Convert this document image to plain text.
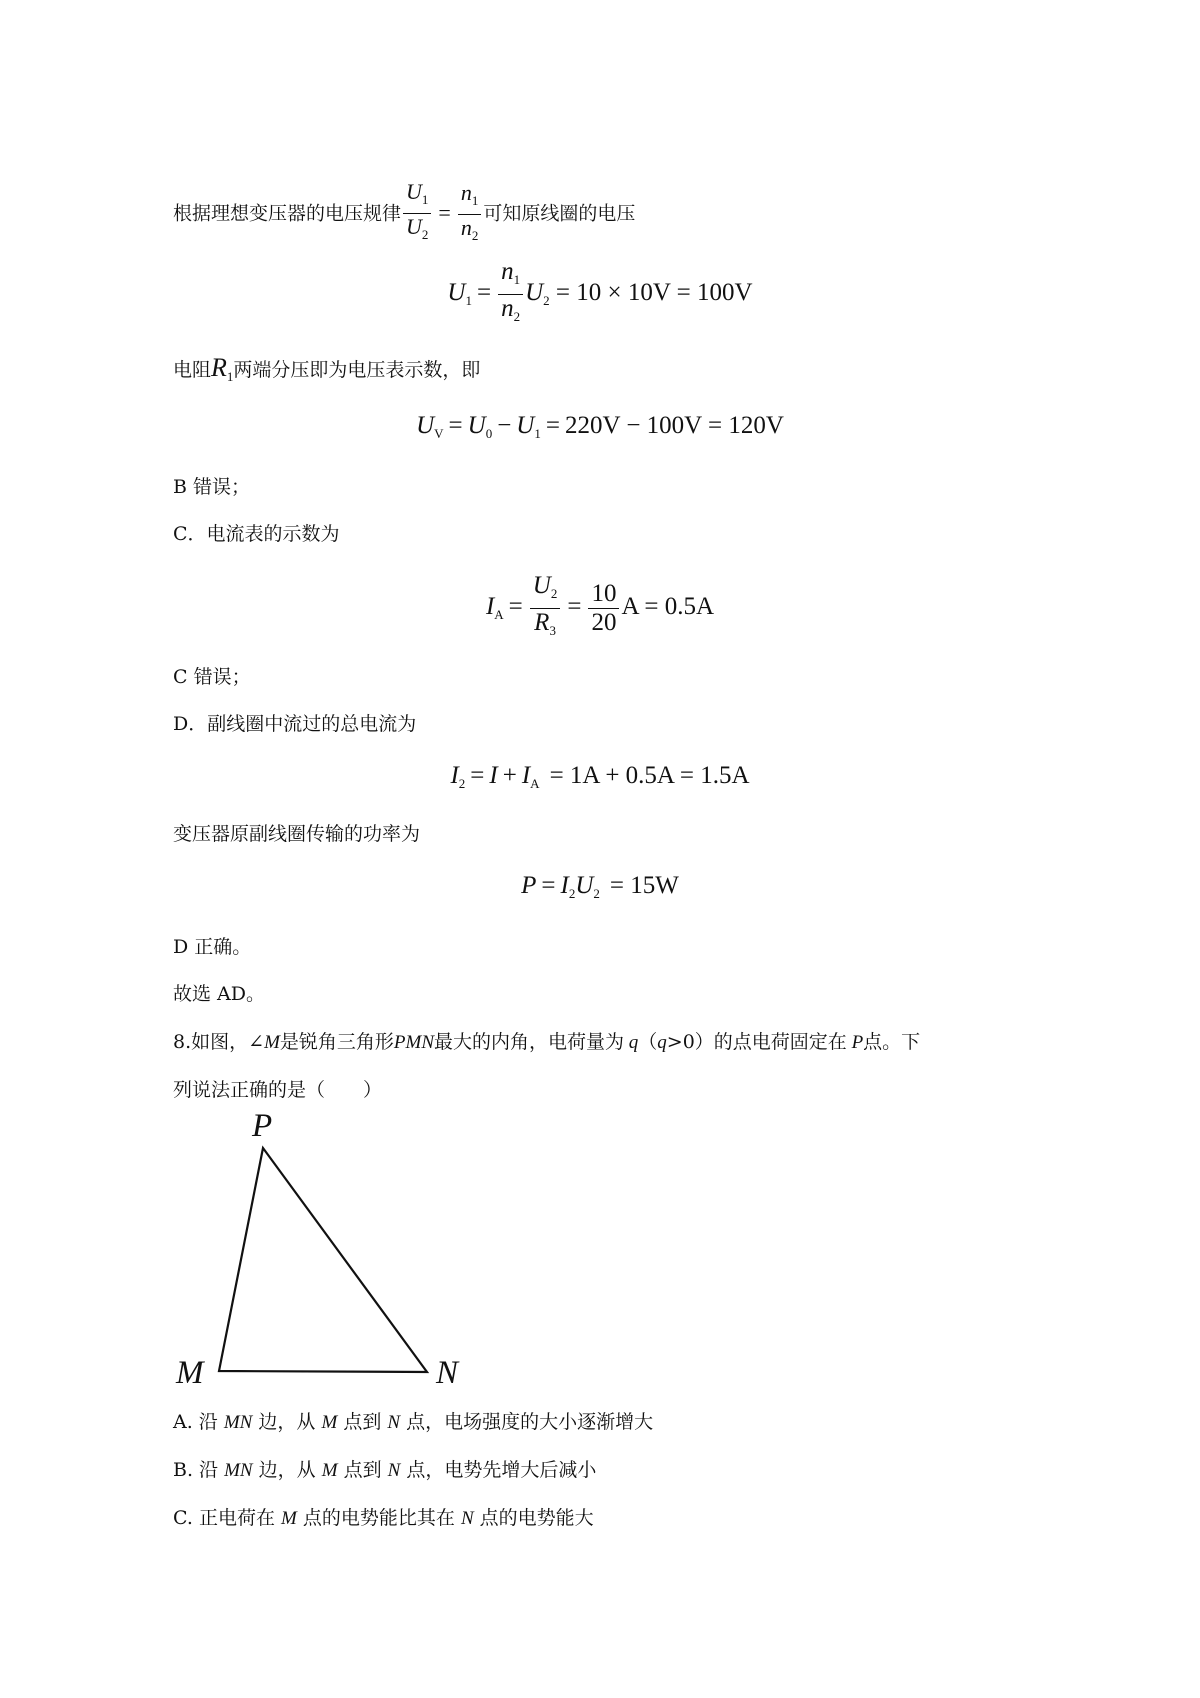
根据理想变压器的电压规律 $\frac{U_1}{U_2} = \frac{n_1}{n_2}$ 可知原线圈的电压
$U_1 = \frac{n_1}{n_2} U_2 = 10 \times 10V = 100V$
电阻$R_1$两端分压即为电压表示数，即
$U_V = U_0 - U_1 = 220V - 100V = 120V$
B 错误；
C．电流表的示数为
$I_A = \frac{U_2}{R_3} = \frac{10}{20}$ A = 0.5A
C 错误；
D．副线圈中流过的总电流为
$I_2 = I + I_A = 1A + 0.5A = 1.5A$
变压器原副线圈传输的功率为
$P = I_2U_2 = 15W$
D 正确。
故选 AD。
8.如图，∠M是锐角三角形PMN最大的内角，电荷量为 q（q>0）的点电荷固定在 P点。下
列说法正确的是（　　）
P
M	N
A. 沿 MN 边，从 M 点到 N 点，电场强度的大小逐渐增大
B. 沿 MN 边，从 M 点到 N 点，电势先增大后减小
C. 正电荷在 M 点的电势能比其在 N 点的电势能大
